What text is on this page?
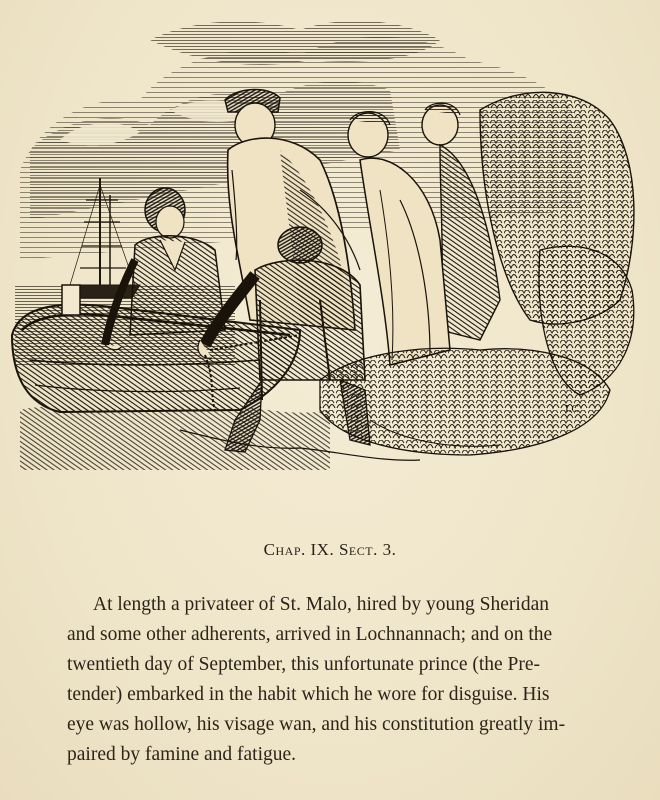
I.C
Chap. IX. Sect. 3.
At length a privateer of St. Malo, hired by young Sheridan
and some other adherents, arrived in Lochnannach; and on the
twentieth day of September, this unfortunate prince (the Pre-
tender) embarked in the habit which he wore for disguise. His
eye was hollow, his visage wan, and his constitution greatly im-
paired by famine and fatigue.
